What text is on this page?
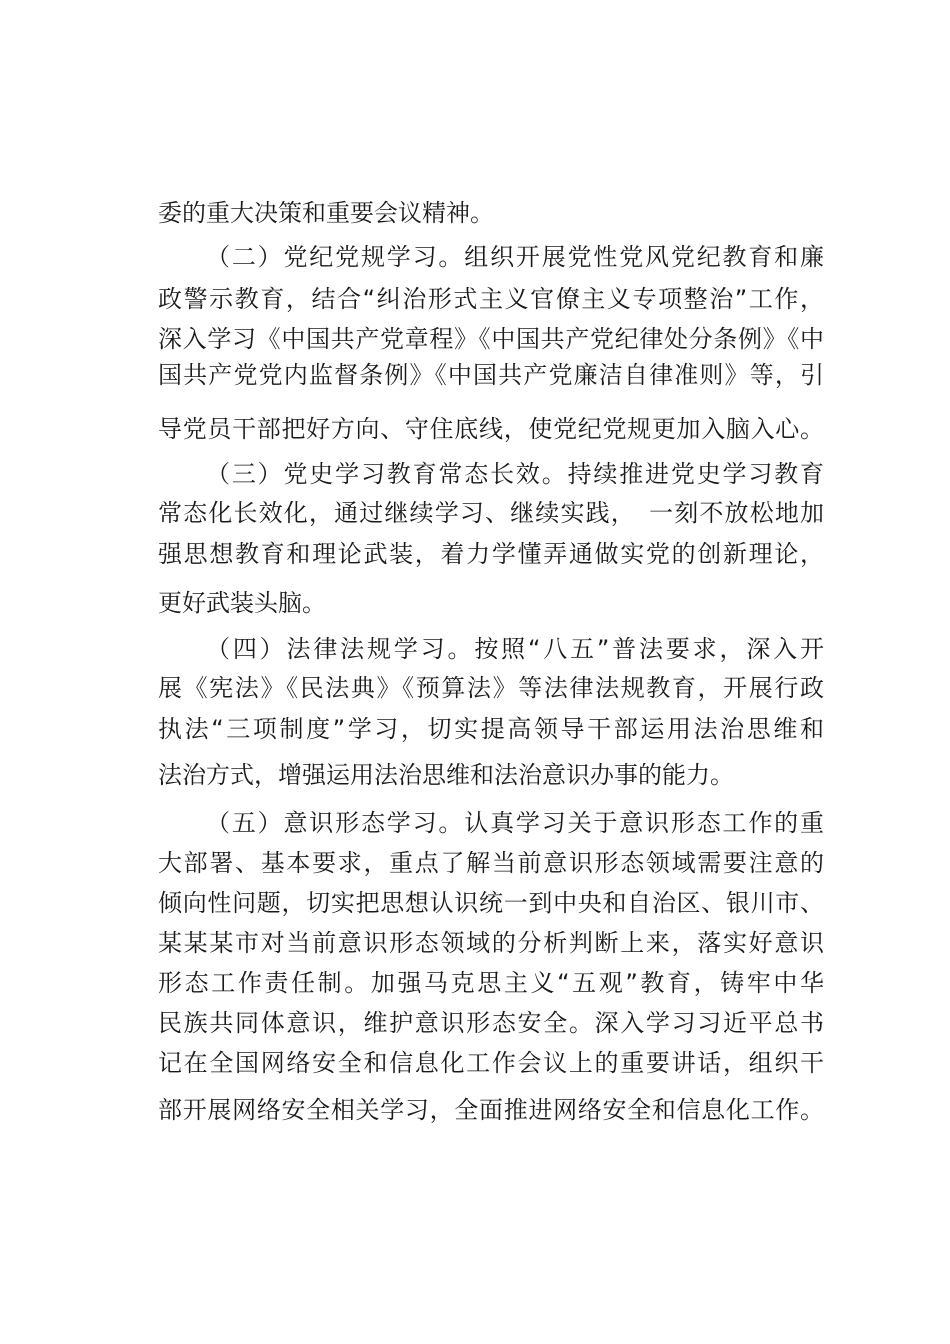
委的重大决策和重要会议精神。
（二）党纪党规学习。组织开展党性党风党纪教育和廉
政警示教育，结合“纠治形式主义官僚主义专项整治”工作，
深入学习《中国共产党章程》《中国共产党纪律处分条例》《中
国共产党党内监督条例》《中国共产党廉洁自律准则》等，引
导党员干部把好方向、守住底线，使党纪党规更加入脑入心。
（三）党史学习教育常态长效。持续推进党史学习教育
常态化长效化，通过继续学习、继续实践，　一刻不放松地加
强思想教育和理论武装，着力学懂弄通做实党的创新理论，
更好武装头脑。
（四）法律法规学习。按照“八五”普法要求，深入开
展《宪法》《民法典》《预算法》等法律法规教育，开展行政
执法“三项制度”学习，切实提高领导干部运用法治思维和
法治方式，增强运用法治思维和法治意识办事的能力。
（五）意识形态学习。认真学习关于意识形态工作的重
大部署、基本要求，重点了解当前意识形态领域需要注意的
倾向性问题，切实把思想认识统一到中央和自治区、银川市、
某某某市对当前意识形态领域的分析判断上来，落实好意识
形态工作责任制。加强马克思主义“五观”教育，铸牢中华
民族共同体意识，维护意识形态安全。深入学习习近平总书
记在全国网络安全和信息化工作会议上的重要讲话，组织干
部开展网络安全相关学习，全面推进网络安全和信息化工作。
